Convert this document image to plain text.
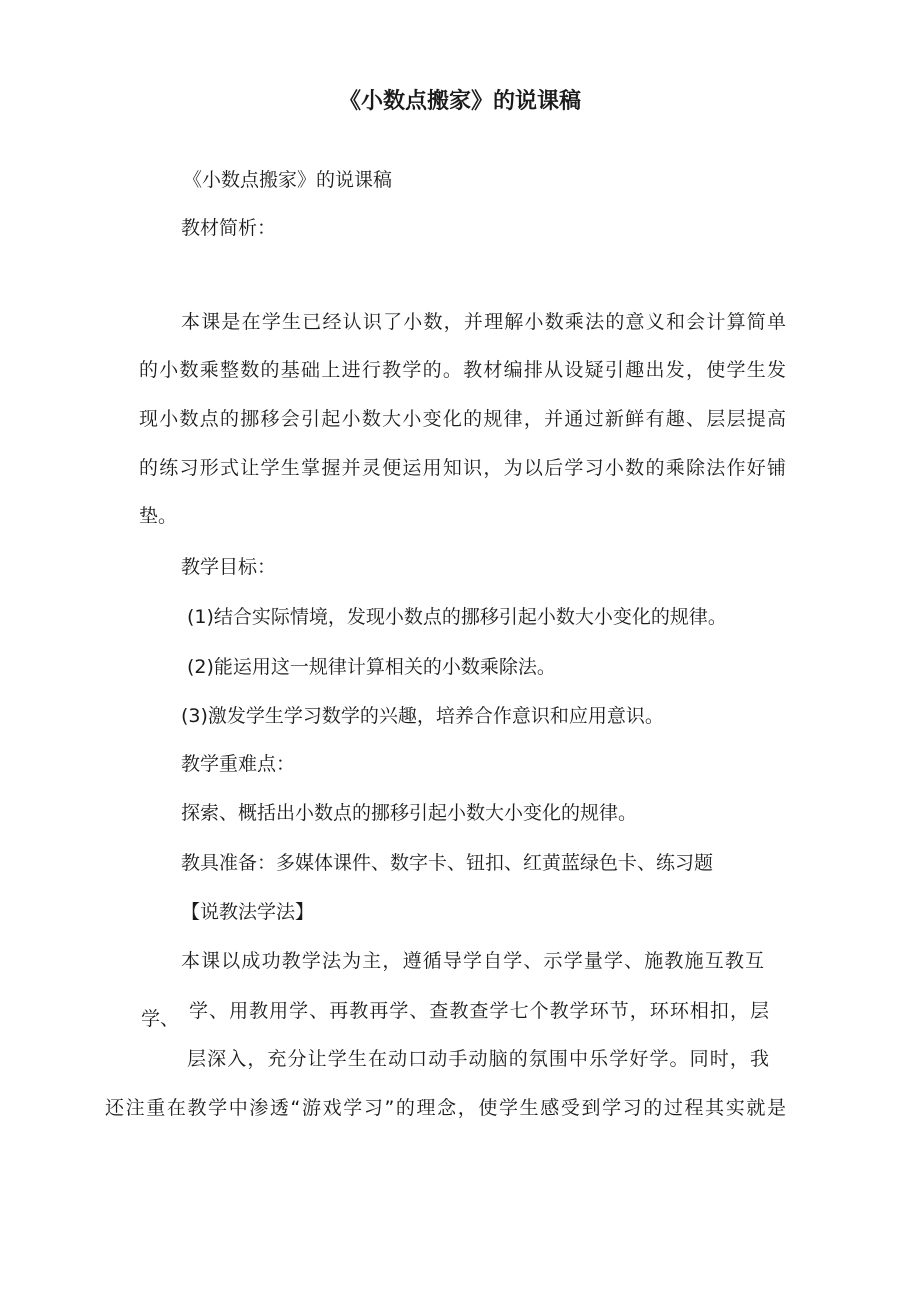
《小数点搬家》的说课稿

《小数点搬家》的说课稿

教材简析：

本课是在学生已经认识了小数，并理解小数乘法的意义和会计算简单

的小数乘整数的基础上进行教学的。教材编排从设疑引趣出发，使学生发

现小数点的挪移会引起小数大小变化的规律，并通过新鲜有趣、层层提高

的练习形式让学生掌握并灵便运用知识，为以后学习小数的乘除法作好铺

垫。

教学目标：

(1)结合实际情境，发现小数点的挪移引起小数大小变化的规律。

(2)能运用这一规律计算相关的小数乘除法。

(3)激发学生学习数学的兴趣，培养合作意识和应用意识。

教学重难点：

探索、概括出小数点的挪移引起小数大小变化的规律。

教具准备：多媒体课件、数字卡、钮扣、红黄蓝绿色卡、练习题

【说教法学法】

本课以成功教学法为主，遵循导学自学、示学量学、施教施互教互

学、 学、用教用学、再教再学、查教查学七个教学环节，环环相扣，层

层深入，充分让学生在动口动手动脑的氛围中乐学好学。同时，我

还注重在教学中渗透“游戏学习”的理念，使学生感受到学习的过程其实就是
